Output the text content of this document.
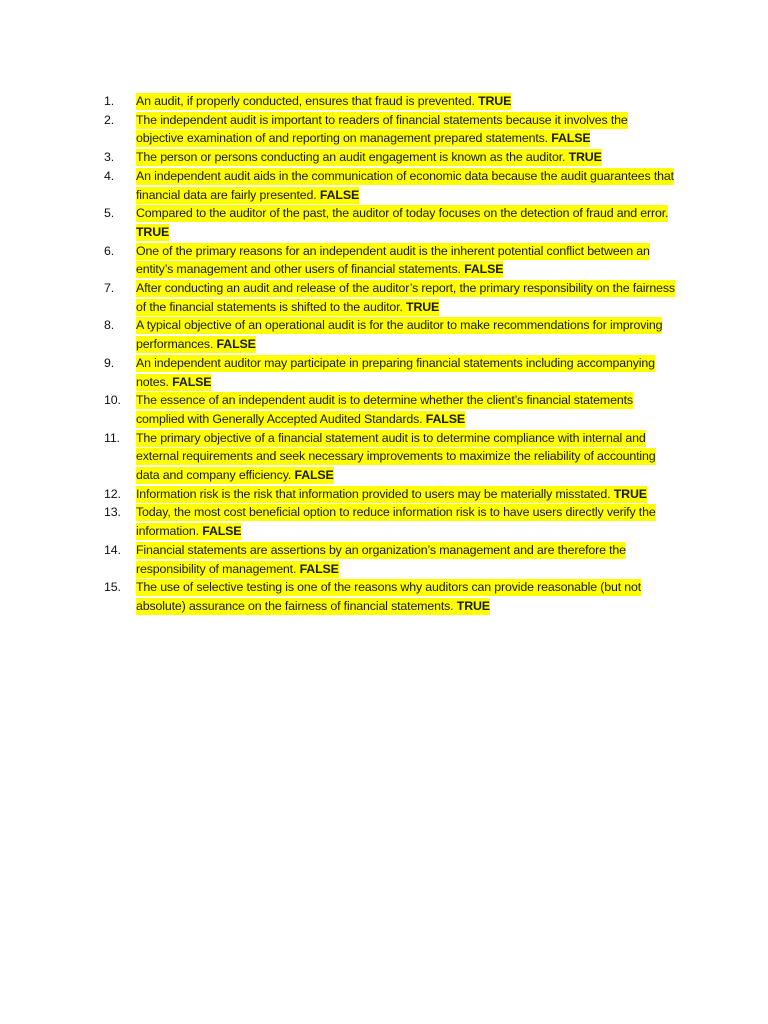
1.	An audit, if properly conducted, ensures that fraud is prevented. TRUE
2.	The independent audit is important to readers of financial statements because it involves the objective examination of and reporting on management prepared statements. FALSE
3.	The person or persons conducting an audit engagement is known as the auditor. TRUE
4.	An independent audit aids in the communication of economic data because the audit guarantees that financial data are fairly presented. FALSE
5.	Compared to the auditor of the past, the auditor of today focuses on the detection of fraud and error. TRUE
6.	One of the primary reasons for an independent audit is the inherent potential conflict between an entity’s management and other users of financial statements. FALSE
7.	After conducting an audit and release of the auditor’s report, the primary responsibility on the fairness of the financial statements is shifted to the auditor. TRUE
8.	A typical objective of an operational audit is for the auditor to make recommendations for improving performances. FALSE
9.	An independent auditor may participate in preparing financial statements including accompanying notes. FALSE
10.	The essence of an independent audit is to determine whether the client’s financial statements complied with Generally Accepted Audited Standards. FALSE
11.	The primary objective of a financial statement audit is to determine compliance with internal and external requirements and seek necessary improvements to maximize the reliability of accounting data and company efficiency. FALSE
12.	Information risk is the risk that information provided to users may be materially misstated. TRUE
13.	Today, the most cost beneficial option to reduce information risk is to have users directly verify the information. FALSE
14.	Financial statements are assertions by an organization’s management and are therefore the responsibility of management. FALSE
15.	The use of selective testing is one of the reasons why auditors can provide reasonable (but not absolute) assurance on the fairness of financial statements. TRUE
